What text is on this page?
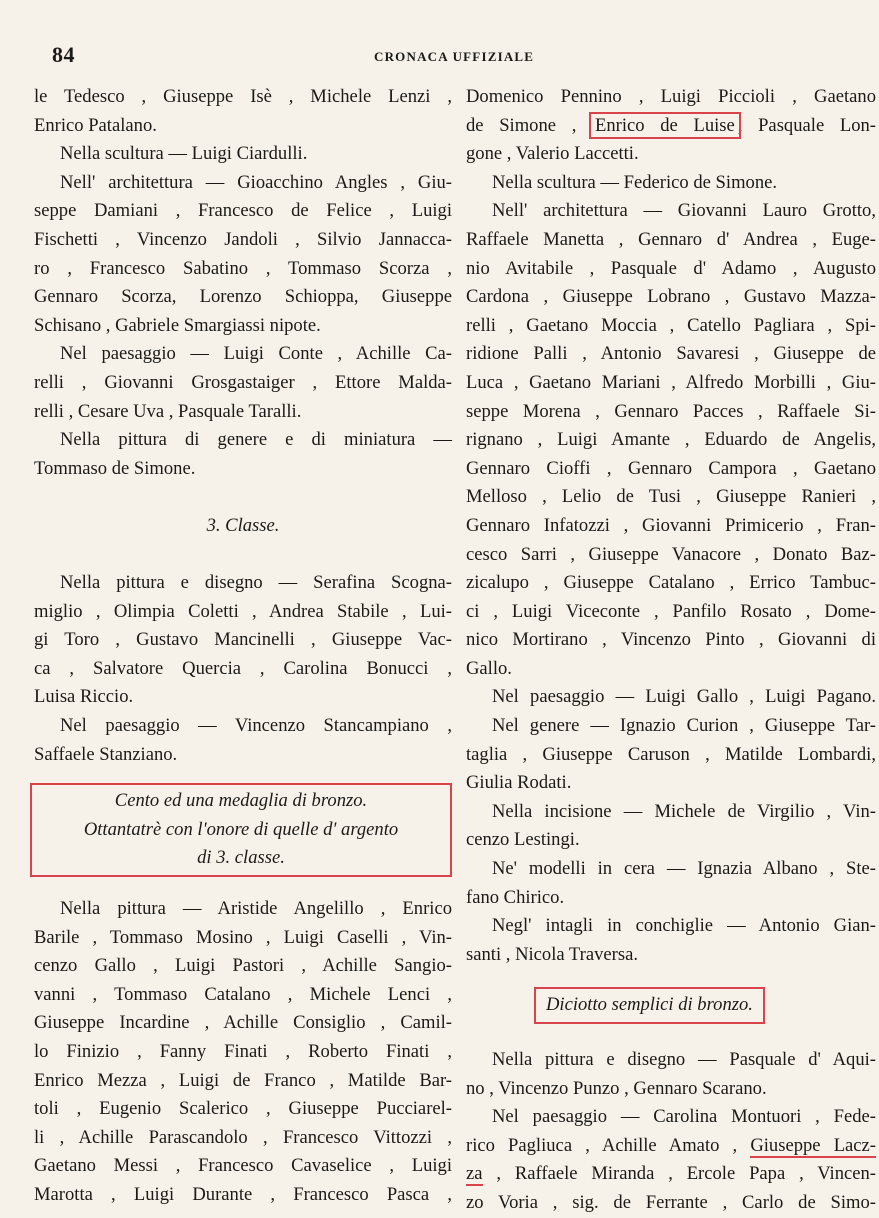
84	CRONACA UFFIZIALE
le Tedesco , Giuseppe Isè , Michele Lenzi ,
Enrico Patalano.
Nella scultura — Luigi Ciardulli.
Nell' architettura — Gioacchino Angles , Giu-
seppe Damiani , Francesco de Felice , Luigi
Fischetti , Vincenzo Jandoli , Silvio Jannacca-
ro , Francesco Sabatino , Tommaso Scorza ,
Gennaro Scorza, Lorenzo Schioppa, Giuseppe
Schisano , Gabriele Smargiassi nipote.
Nel paesaggio — Luigi Conte , Achille Ca-
relli , Giovanni Grosgastaiger , Ettore Malda-
relli , Cesare Uva , Pasquale Taralli.
Nella pittura di genere e di miniatura —
Tommaso de Simone.
3. Classe.
Nella pittura e disegno — Serafina Scogna-
miglio , Olimpia Coletti , Andrea Stabile , Lui-
gi Toro , Gustavo Mancinelli , Giuseppe Vac-
ca , Salvatore Quercia , Carolina Bonucci ,
Luisa Riccio.
Nel paesaggio — Vincenzo Stancampiano ,
Saffaele Stanziano.
Cento ed una medaglia di bronzo.
Ottantatrè con l'onore di quelle d' argento
di 3. classe.
Nella pittura — Aristide Angelillo , Enrico
Barile , Tommaso Mosino , Luigi Caselli , Vin-
cenzo Gallo , Luigi Pastori , Achille Sangio-
vanni , Tommaso Catalano , Michele Lenci ,
Giuseppe Incardine , Achille Consiglio , Camil-
lo Finizio , Fanny Finati , Roberto Finati ,
Enrico Mezza , Luigi de Franco , Matilde Bar-
toli , Eugenio Scalerico , Giuseppe Pucciarel-
li , Achille Parascandolo , Francesco Vittozzi ,
Gaetano Messi , Francesco Cavaselice , Luigi
Marotta , Luigi Durante , Francesco Pasca ,
Domenico Pennino , Luigi Piccioli , Gaetano
de Simone , Enrico de Luise , Pasquale Lon-
gone , Valerio Laccetti.
Nella scultura — Federico de Simone.
Nell' architettura — Giovanni Lauro Grotto,
Raffaele Manetta , Gennaro d' Andrea , Euge-
nio Avitabile , Pasquale d' Adamo , Augusto
Cardona , Giuseppe Lobrano , Gustavo Mazza-
relli , Gaetano Moccia , Catello Pagliara , Spi-
ridione Palli , Antonio Savaresi , Giuseppe de
Luca , Gaetano Mariani , Alfredo Morbilli , Giu-
seppe Morena , Gennaro Pacces , Raffaele Si-
rignano , Luigi Amante , Eduardo de Angelis,
Gennaro Cioffi , Gennaro Campora , Gaetano
Melloso , Lelio de Tusi , Giuseppe Ranieri ,
Gennaro Infatozzi , Giovanni Primicerio , Fran-
cesco Sarri , Giuseppe Vanacore , Donato Baz-
zicalupo , Giuseppe Catalano , Errico Tambuc-
ci , Luigi Viceconte , Panfilo Rosato , Dome-
nico Mortirano , Vincenzo Pinto , Giovanni di
Gallo.
Nel paesaggio — Luigi Gallo , Luigi Pagano.
Nel genere — Ignazio Curion , Giuseppe Tar-
taglia , Giuseppe Caruson , Matilde Lombardi,
Giulia Rodati.
Nella incisione — Michele de Virgilio , Vin-
cenzo Lestingi.
Ne' modelli in cera — Ignazia Albano , Ste-
fano Chirico.
Negl' intagli in conchiglie — Antonio Gian-
santi , Nicola Traversa.
Diciotto semplici di bronzo.
Nella pittura e disegno — Pasquale d' Aqui-
no , Vincenzo Punzo , Gennaro Scarano.
Nel paesaggio — Carolina Montuori , Fede-
rico Pagliuca , Achille Amato , Giuseppe Lacz-
za , Raffaele Miranda , Ercole Papa , Vincen-
zo Voria , sig. de Ferrante , Carlo de Simo-
